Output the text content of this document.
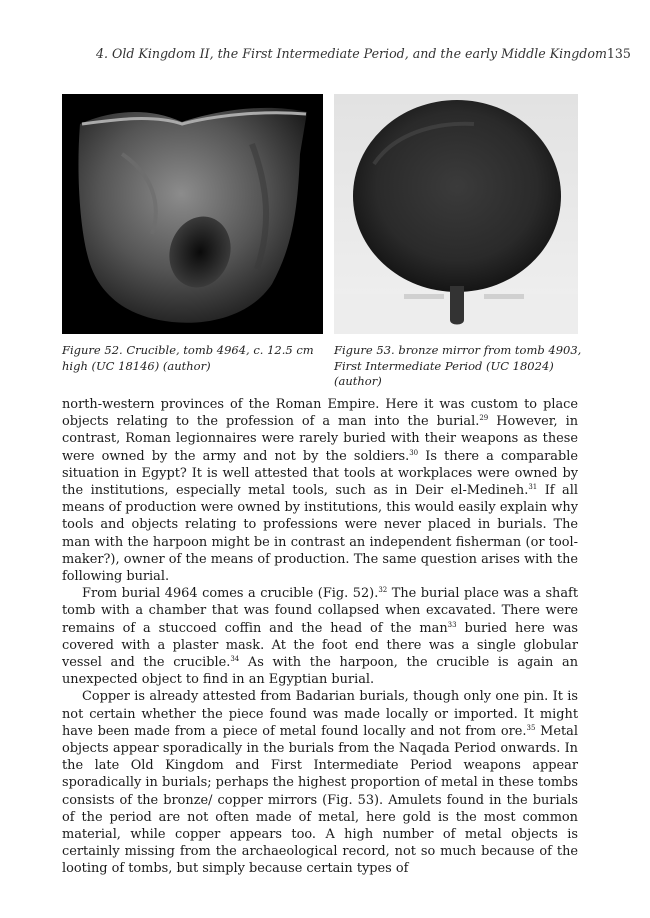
4. Old Kingdom II, the First Intermediate Period, and the early Middle Kingdom 135
Figure 52. Crucible, tomb 4964, c. 12.5 cm high (UC 18146) (author)
Figure 53. bronze mirror from tomb 4903, First Intermediate Period (UC 18024) (author)

north-western provinces of the Roman Empire. Here it was custom to place objects relating to the profession of a man into the burial.$^{29}$ However, in contrast, Roman legionnaires were rarely buried with their weapons as these were owned by the army and not by the soldiers.$^{30}$ Is there a comparable situation in Egypt? It is well attested that tools at workplaces were owned by the institutions, especially metal tools, such as in Deir el-Medineh.$^{31}$ If all means of production were owned by institutions, this would easily explain why tools and objects relating to professions were never placed in burials. The man with the harpoon might be in contrast an independent fisherman (or tool-maker?), owner of the means of production. The same question arises with the following burial.

From burial 4964 comes a crucible (Fig. 52).$^{32}$ The burial place was a shaft tomb with a chamber that was found collapsed when excavated. There were remains of a stuccoed coffin and the head of the man$^{33}$ buried here was covered with a plaster mask. At the foot end there was a single globular vessel and the crucible.$^{34}$ As with the harpoon, the crucible is again an unexpected object to find in an Egyptian burial.

Copper is already attested from Badarian burials, though only one pin. It is not certain whether the piece found was made locally or imported. It might have been made from a piece of metal found locally and not from ore.$^{35}$ Metal objects appear sporadically in the burials from the Naqada Period onwards. In the late Old Kingdom and First Intermediate Period weapons appear sporadically in burials; perhaps the highest proportion of metal in these tombs consists of the bronze/ copper mirrors (Fig. 53). Amulets found in the burials of the period are not often made of metal, here gold is the most common material, while copper appears too. A high number of metal objects is certainly missing from the archaeological record, not so much because of the looting of tombs, but simply because certain types of
